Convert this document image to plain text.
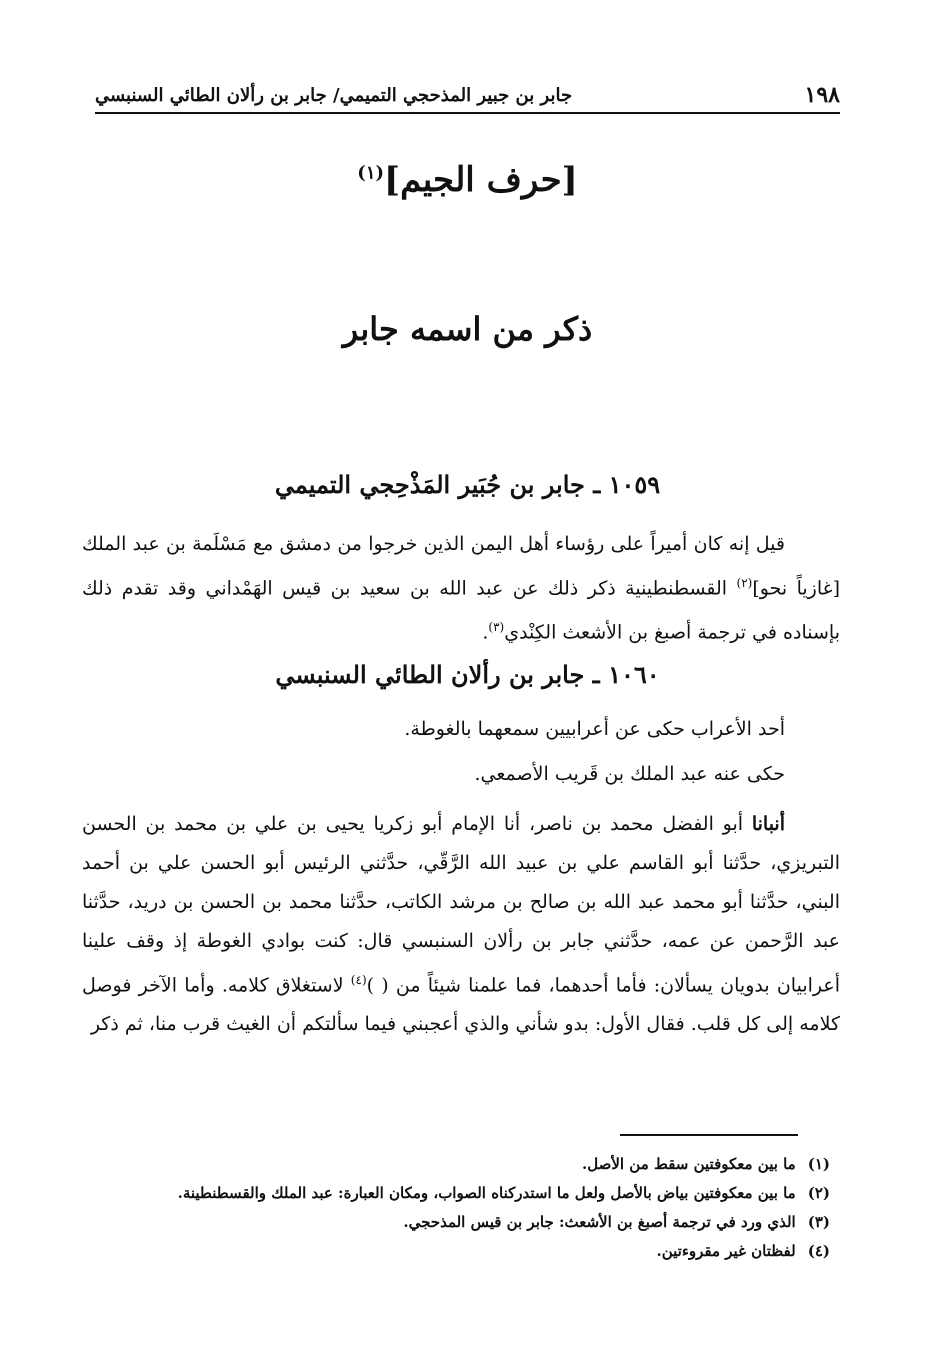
١٩٨
جابر بن جبير المذحجي التميمي/ جابر بن رألان الطائي السنبسي
[حرف الجيم]$^{(١)}$
ذكر من اسمه جابر
١٠٥٩ ـ جابر بن جُبَير المَذْحِجي التميمي
قيل إنه كان أميراً على رؤساء أهل اليمن الذين خرجوا من دمشق مع مَسْلَمة بن عبد الملك [غازياً نحو]$^{(٢)}$ القسطنطينية ذكر ذلك عن عبد الله بن سعيد بن قيس الهَمْداني وقد تقدم ذلك بإسناده في ترجمة أصبغ بن الأشعث الكِنْدي$^{(٣)}$.
١٠٦٠ ـ جابر بن رألان الطائي السنبسي
أحد الأعراب حكى عن أعرابيين سمعهما بالغوطة.
حكى عنه عبد الملك بن قَريب الأصمعي.
أنبانا أبو الفضل محمد بن ناصر، أنا الإمام أبو زكريا يحيى بن علي بن محمد بن الحسن التبريزي، حدَّثنا أبو القاسم علي بن عبيد الله الرَّقّي، حدَّثني الرئيس أبو الحسن علي بن أحمد البني، حدَّثنا أبو محمد عبد الله بن صالح بن مرشد الكاتب، حدَّثنا محمد بن الحسن بن دريد، حدَّثنا عبد الرَّحمن عن عمه، حدَّثني جابر بن رألان السنبسي قال: كنت بوادي الغوطة إذ وقف علينا أعرابيان بدويان يسألان: فأما أحدهما، فما علمنا شيئاً من ( )$^{(٤)}$ لاستغلاق كلامه. وأما الآخر فوصل كلامه إلى كل قلب. فقال الأول: بدو شأني والذي أعجبني فيما سألتكم أن الغيث قرب منا، ثم ذكر
(١)
ما بين معكوفتين سقط من الأصل.
(٢)
ما بين معكوفتين بياض بالأصل ولعل ما استدركناه الصواب، ومكان العبارة: عبد الملك والقسطنطينة.
(٣)
الذي ورد في ترجمة أصبغ بن الأشعث: جابر بن قيس المذحجي.
(٤)
لفظتان غير مقروءتين.
